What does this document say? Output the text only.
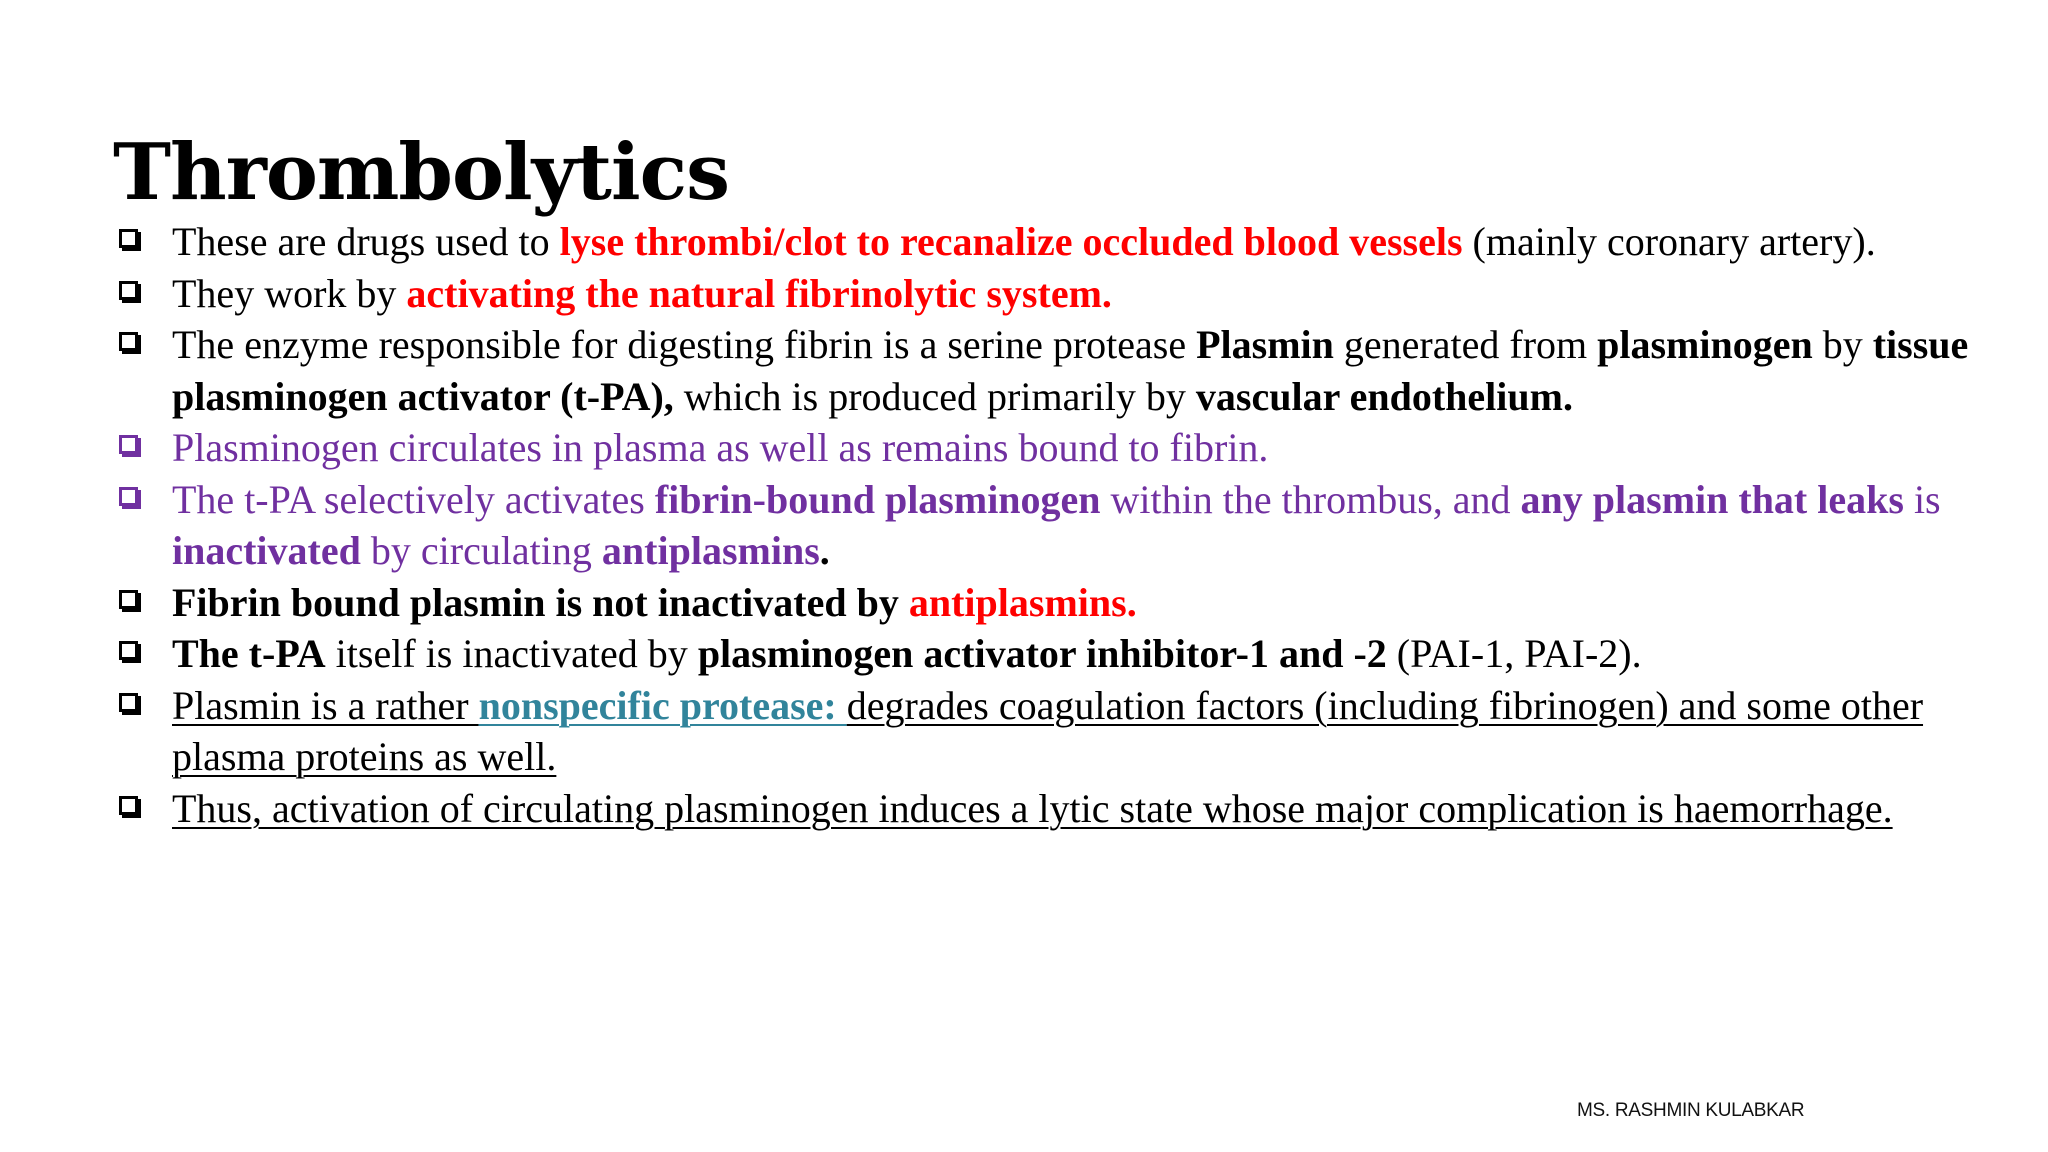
Thrombolytics
These are drugs used to lyse thrombi/clot to recanalize occluded blood vessels (mainly coronary artery).
They work by activating the natural fibrinolytic system.
The enzyme responsible for digesting fibrin is a serine protease Plasmin generated from plasminogen by tissue plasminogen activator (t-PA), which is produced primarily by vascular endothelium.
Plasminogen circulates in plasma as well as remains bound to fibrin.
The t-PA selectively activates fibrin-bound plasminogen within the thrombus, and any plasmin that leaks is inactivated by circulating antiplasmins.
Fibrin bound plasmin is not inactivated by antiplasmins.
The t-PA itself is inactivated by plasminogen activator inhibitor-1 and -2 (PAI-1, PAI-2).
Plasmin is a rather nonspecific protease: degrades coagulation factors (including fibrinogen) and some other plasma proteins as well.
Thus, activation of circulating plasminogen induces a lytic state whose major complication is haemorrhage.
MS. RASHMIN KULABKAR
